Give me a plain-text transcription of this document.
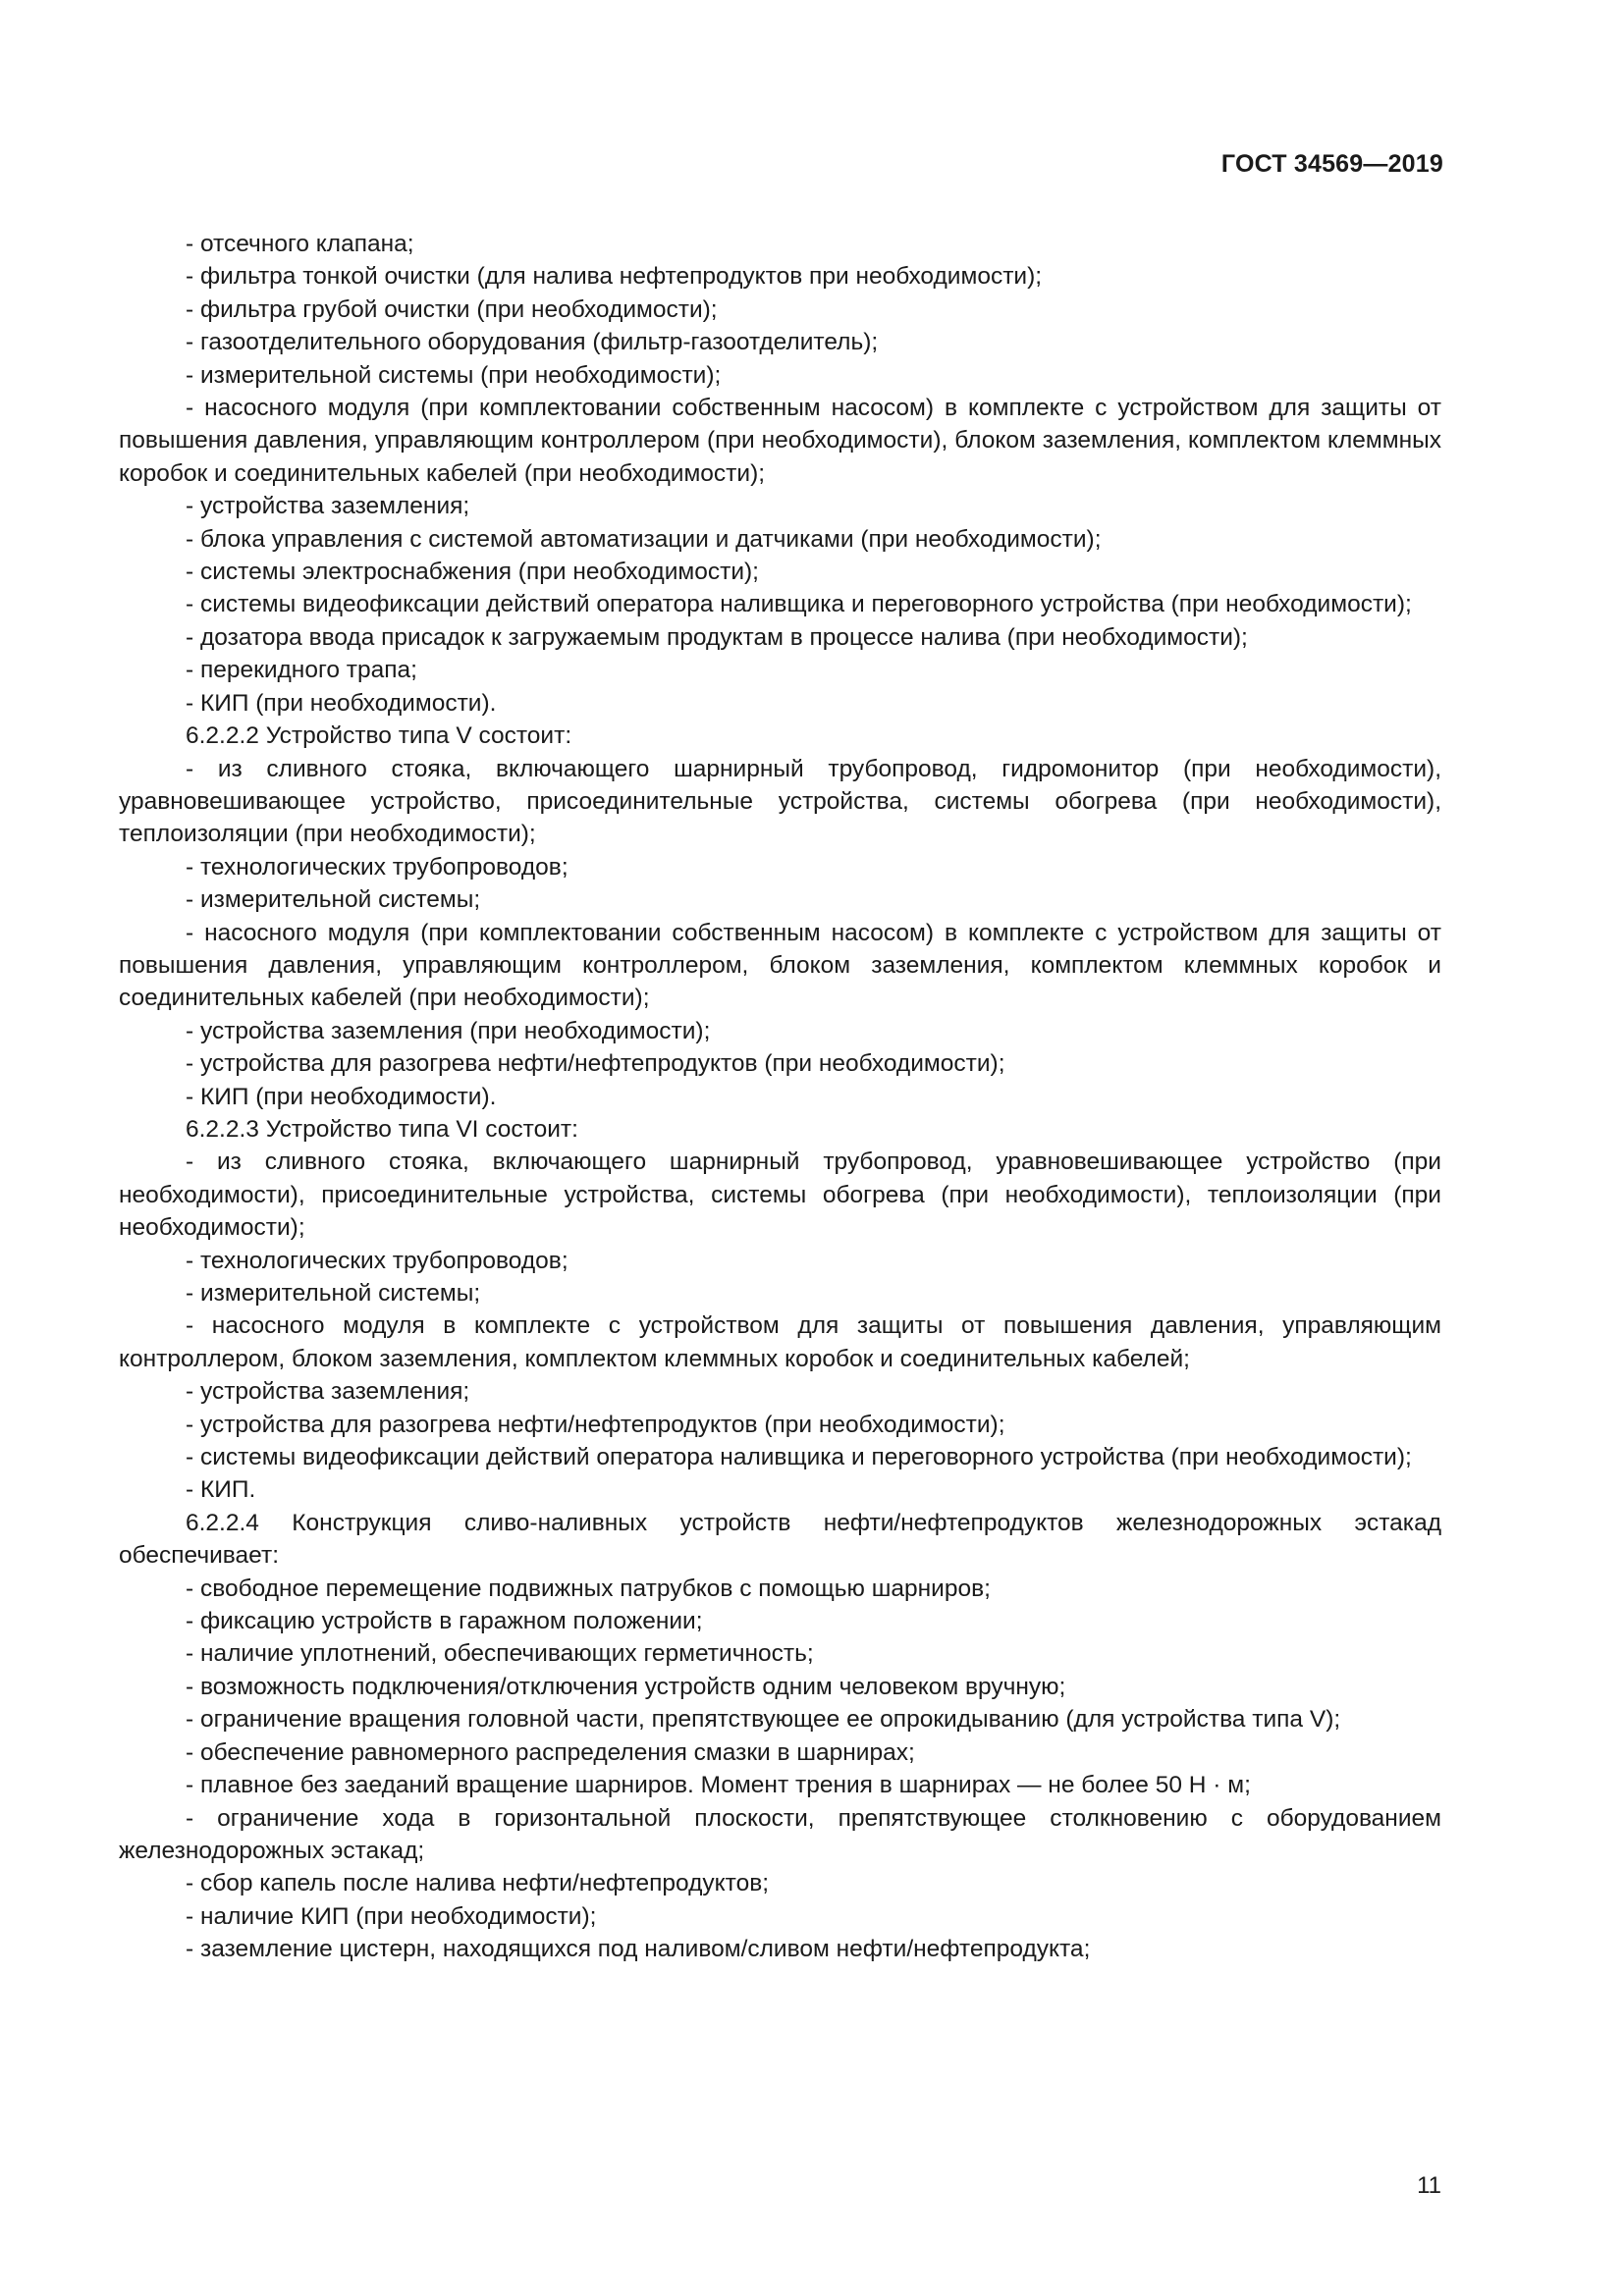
ГОСТ 34569—2019

- отсечного клапана;

- фильтра тонкой очистки (для налива нефтепродуктов при необходимости);

- фильтра грубой очистки (при необходимости);

- газоотделительного оборудования (фильтр-газоотделитель);

- измерительной системы (при необходимости);

- насосного модуля (при комплектовании собственным насосом) в комплекте с устройством для защиты от повышения давления, управляющим контроллером (при необходимости), блоком заземления, комплектом клеммных коробок и соединительных кабелей (при необходимости);

- устройства заземления;

- блока управления с системой автоматизации и датчиками (при необходимости);

- системы электроснабжения (при необходимости);

- системы видеофиксации действий оператора наливщика и переговорного устройства (при необходимости);

- дозатора ввода присадок к загружаемым продуктам в процессе налива (при необходимости);

- перекидного трапа;

- КИП (при необходимости).

6.2.2.2 Устройство типа V состоит:

- из сливного стояка, включающего шарнирный трубопровод, гидромонитор (при необходимости), уравновешивающее устройство, присоединительные устройства, системы обогрева (при необходимости), теплоизоляции (при необходимости);

- технологических трубопроводов;

- измерительной системы;

- насосного модуля (при комплектовании собственным насосом) в комплекте с устройством для защиты от повышения давления, управляющим контроллером, блоком заземления, комплектом клеммных коробок и соединительных кабелей (при необходимости);

- устройства заземления (при необходимости);

- устройства для разогрева нефти/нефтепродуктов (при необходимости);

- КИП (при необходимости).

6.2.2.3 Устройство типа VI состоит:

- из сливного стояка, включающего шарнирный трубопровод, уравновешивающее устройство (при необходимости), присоединительные устройства, системы обогрева (при необходимости), теплоизоляции (при необходимости);

- технологических трубопроводов;

- измерительной системы;

- насосного модуля в комплекте с устройством для защиты от повышения давления, управляющим контроллером, блоком заземления, комплектом клеммных коробок и соединительных кабелей;

- устройства заземления;

- устройства для разогрева нефти/нефтепродуктов (при необходимости);

- системы видеофиксации действий оператора наливщика и переговорного устройства (при необходимости);

- КИП.

6.2.2.4 Конструкция сливо-наливных устройств нефти/нефтепродуктов железнодорожных эстакад обеспечивает:

- свободное перемещение подвижных патрубков с помощью шарниров;

- фиксацию устройств в гаражном положении;

- наличие уплотнений, обеспечивающих герметичность;

- возможность подключения/отключения устройств одним человеком вручную;

- ограничение вращения головной части, препятствующее ее опрокидыванию (для устройства типа V);

- обеспечение равномерного распределения смазки в шарнирах;

- плавное без заеданий вращение шарниров. Момент трения в шарнирах — не более 50 Н · м;

- ограничение хода в горизонтальной плоскости, препятствующее столкновению с оборудованием железнодорожных эстакад;

- сбор капель после налива нефти/нефтепродуктов;

- наличие КИП (при необходимости);

- заземление цистерн, находящихся под наливом/сливом нефти/нефтепродукта;

11
